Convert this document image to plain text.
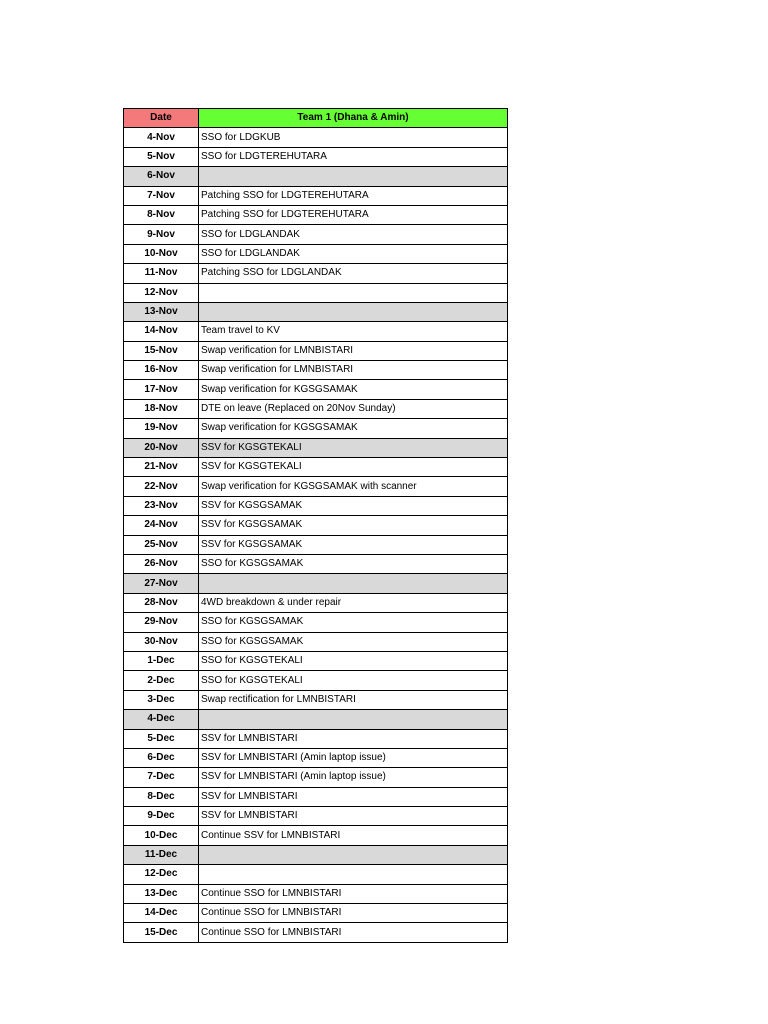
Date	Team 1 (Dhana & Amin)
4-Nov	SSO for LDGKUB
5-Nov	SSO for LDGTEREHUTARA
6-Nov	
7-Nov	Patching SSO for LDGTEREHUTARA
8-Nov	Patching SSO for LDGTEREHUTARA
9-Nov	SSO for LDGLANDAK
10-Nov	SSO for LDGLANDAK
11-Nov	Patching SSO for LDGLANDAK
12-Nov	
13-Nov	
14-Nov	Team travel to KV
15-Nov	Swap verification for LMNBISTARI
16-Nov	Swap verification for LMNBISTARI
17-Nov	Swap verification for KGSGSAMAK
18-Nov	DTE on leave (Replaced on 20Nov Sunday)
19-Nov	Swap verification for KGSGSAMAK
20-Nov	SSV for KGSGTEKALI
21-Nov	SSV for KGSGTEKALI
22-Nov	Swap verification for KGSGSAMAK with scanner
23-Nov	SSV for KGSGSAMAK
24-Nov	SSV for KGSGSAMAK
25-Nov	SSV for KGSGSAMAK
26-Nov	SSO for KGSGSAMAK
27-Nov	
28-Nov	4WD breakdown & under repair
29-Nov	SSO for KGSGSAMAK
30-Nov	SSO for KGSGSAMAK
1-Dec	SSO for KGSGTEKALI
2-Dec	SSO for KGSGTEKALI
3-Dec	Swap rectification for LMNBISTARI
4-Dec	
5-Dec	SSV for LMNBISTARI
6-Dec	SSV for LMNBISTARI (Amin laptop issue)
7-Dec	SSV for LMNBISTARI (Amin laptop issue)
8-Dec	SSV for LMNBISTARI
9-Dec	SSV for LMNBISTARI
10-Dec	Continue SSV for LMNBISTARI
11-Dec	
12-Dec	
13-Dec	Continue SSO for LMNBISTARI
14-Dec	Continue SSO for LMNBISTARI
15-Dec	Continue SSO for LMNBISTARI
